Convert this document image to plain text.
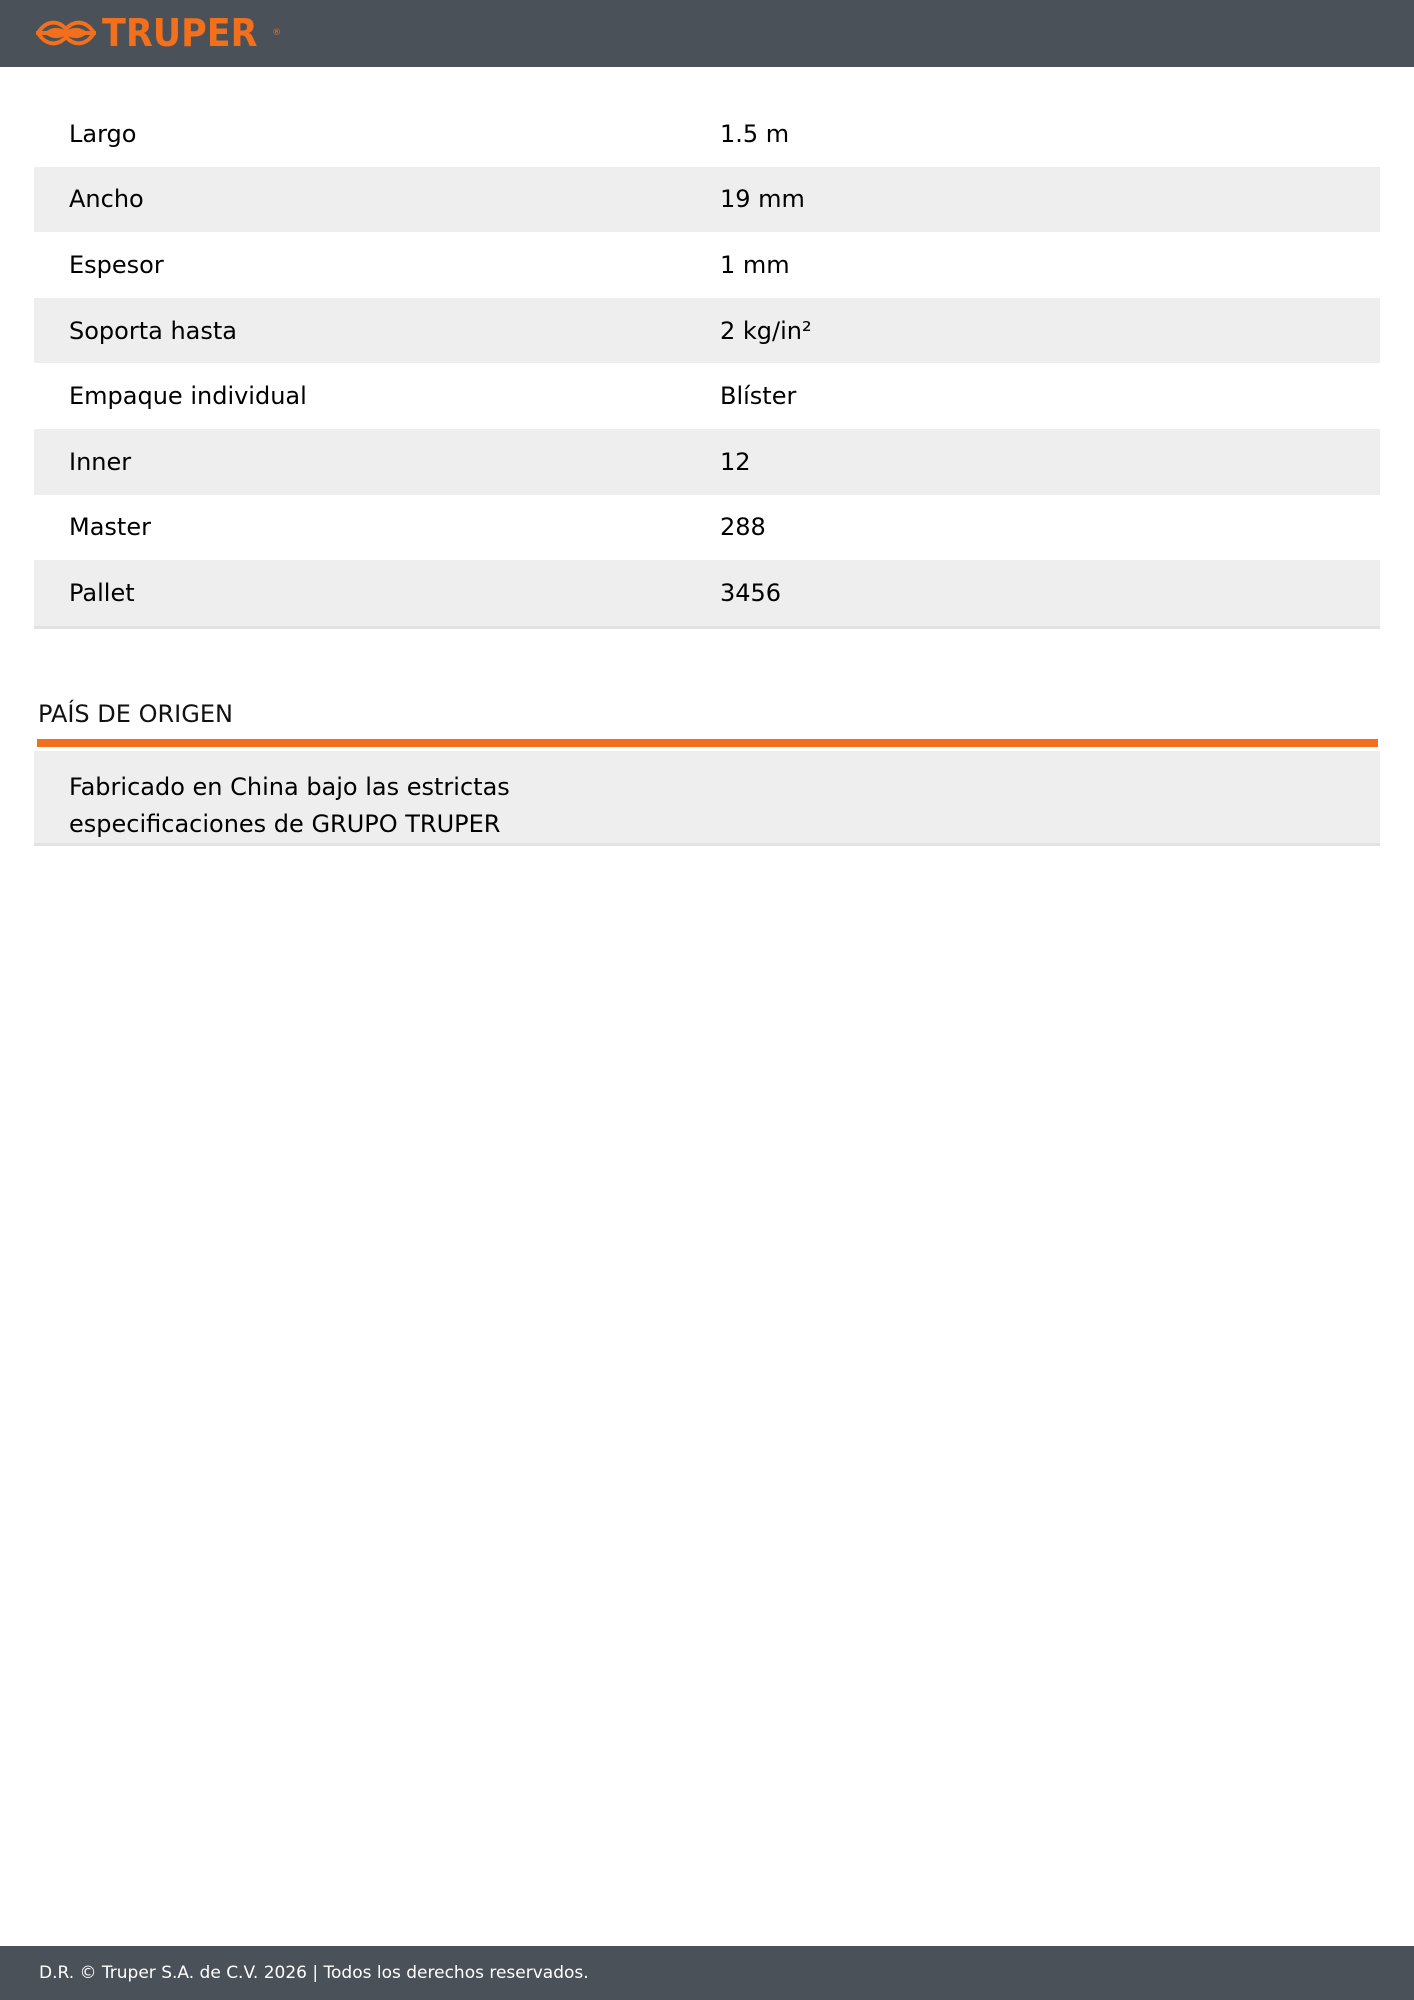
TRUPER ®
Largo	1.5 m
Ancho	19 mm
Espesor	1 mm
Soporta hasta	2 kg/in²
Empaque individual	Blíster
Inner	12
Master	288
Pallet	3456
PAÍS DE ORIGEN
Fabricado en China bajo las estrictas especificaciones de GRUPO TRUPER
D.R. © Truper S.A. de C.V. 2026 | Todos los derechos reservados.
